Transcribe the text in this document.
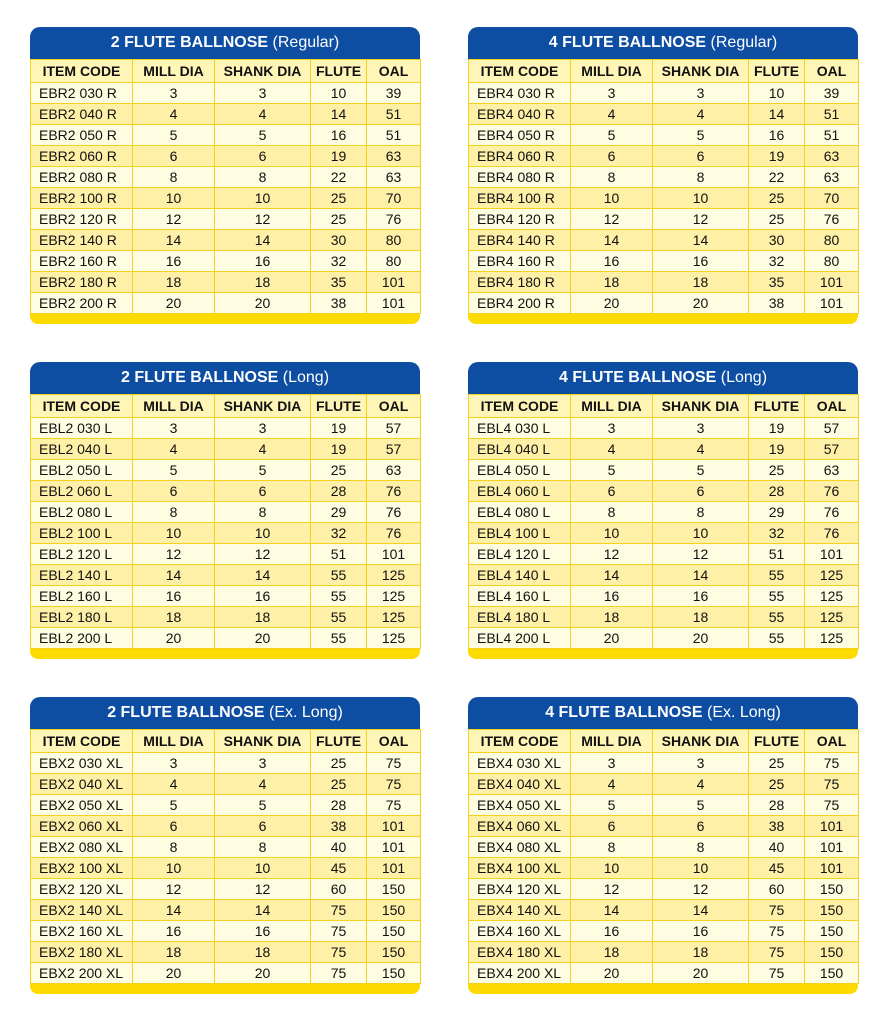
2 FLUTE BALLNOSE (Regular)
ITEM CODE	MILL DIA	SHANK DIA	FLUTE	OAL
EBR2 030 R	3	3	10	39
EBR2 040 R	4	4	14	51
EBR2 050 R	5	5	16	51
EBR2 060 R	6	6	19	63
EBR2 080 R	8	8	22	63
EBR2 100 R	10	10	25	70
EBR2 120 R	12	12	25	76
EBR2 140 R	14	14	30	80
EBR2 160 R	16	16	32	80
EBR2 180 R	18	18	35	101
EBR2 200 R	20	20	38	101
4 FLUTE BALLNOSE (Regular)
ITEM CODE	MILL DIA	SHANK DIA	FLUTE	OAL
EBR4 030 R	3	3	10	39
EBR4 040 R	4	4	14	51
EBR4 050 R	5	5	16	51
EBR4 060 R	6	6	19	63
EBR4 080 R	8	8	22	63
EBR4 100 R	10	10	25	70
EBR4 120 R	12	12	25	76
EBR4 140 R	14	14	30	80
EBR4 160 R	16	16	32	80
EBR4 180 R	18	18	35	101
EBR4 200 R	20	20	38	101
2 FLUTE BALLNOSE (Long)
ITEM CODE	MILL DIA	SHANK DIA	FLUTE	OAL
EBL2 030 L	3	3	19	57
EBL2 040 L	4	4	19	57
EBL2 050 L	5	5	25	63
EBL2 060 L	6	6	28	76
EBL2 080 L	8	8	29	76
EBL2 100 L	10	10	32	76
EBL2 120 L	12	12	51	101
EBL2 140 L	14	14	55	125
EBL2 160 L	16	16	55	125
EBL2 180 L	18	18	55	125
EBL2 200 L	20	20	55	125
4 FLUTE BALLNOSE (Long)
ITEM CODE	MILL DIA	SHANK DIA	FLUTE	OAL
EBL4 030 L	3	3	19	57
EBL4 040 L	4	4	19	57
EBL4 050 L	5	5	25	63
EBL4 060 L	6	6	28	76
EBL4 080 L	8	8	29	76
EBL4 100 L	10	10	32	76
EBL4 120 L	12	12	51	101
EBL4 140 L	14	14	55	125
EBL4 160 L	16	16	55	125
EBL4 180 L	18	18	55	125
EBL4 200 L	20	20	55	125
2 FLUTE BALLNOSE (Ex. Long)
ITEM CODE	MILL DIA	SHANK DIA	FLUTE	OAL
EBX2 030 XL	3	3	25	75
EBX2 040 XL	4	4	25	75
EBX2 050 XL	5	5	28	75
EBX2 060 XL	6	6	38	101
EBX2 080 XL	8	8	40	101
EBX2 100 XL	10	10	45	101
EBX2 120 XL	12	12	60	150
EBX2 140 XL	14	14	75	150
EBX2 160 XL	16	16	75	150
EBX2 180 XL	18	18	75	150
EBX2 200 XL	20	20	75	150
4 FLUTE BALLNOSE (Ex. Long)
ITEM CODE	MILL DIA	SHANK DIA	FLUTE	OAL
EBX4 030 XL	3	3	25	75
EBX4 040 XL	4	4	25	75
EBX4 050 XL	5	5	28	75
EBX4 060 XL	6	6	38	101
EBX4 080 XL	8	8	40	101
EBX4 100 XL	10	10	45	101
EBX4 120 XL	12	12	60	150
EBX4 140 XL	14	14	75	150
EBX4 160 XL	16	16	75	150
EBX4 180 XL	18	18	75	150
EBX4 200 XL	20	20	75	150
